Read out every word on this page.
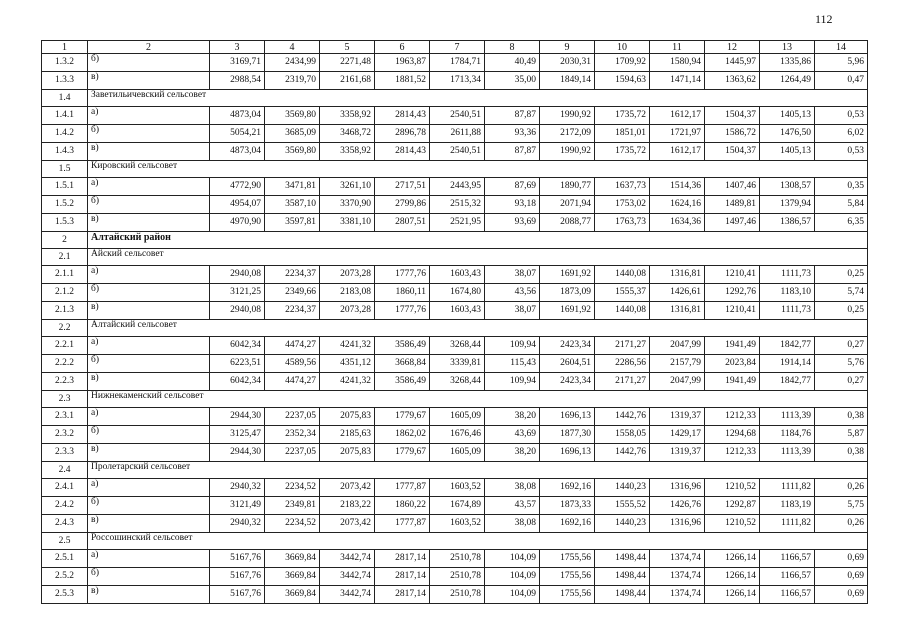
112
1	2	3	4	5	6	7	8	9	10	11	12	13	14
1.3.2	б)	3169,71	2434,99	2271,48	1963,87	1784,71	40,49	2030,31	1709,92	1580,94	1445,97	1335,86	5,96
1.3.3	в)	2988,54	2319,70	2161,68	1881,52	1713,34	35,00	1849,14	1594,63	1471,14	1363,62	1264,49	0,47
1.4	Заветильичевский сельсовет												
1.4.1	а)	4873,04	3569,80	3358,92	2814,43	2540,51	87,87	1990,92	1735,72	1612,17	1504,37	1405,13	0,53
1.4.2	б)	5054,21	3685,09	3468,72	2896,78	2611,88	93,36	2172,09	1851,01	1721,97	1586,72	1476,50	6,02
1.4.3	в)	4873,04	3569,80	3358,92	2814,43	2540,51	87,87	1990,92	1735,72	1612,17	1504,37	1405,13	0,53
1.5	Кировский сельсовет												
1.5.1	а)	4772,90	3471,81	3261,10	2717,51	2443,95	87,69	1890,77	1637,73	1514,36	1407,46	1308,57	0,35
1.5.2	б)	4954,07	3587,10	3370,90	2799,86	2515,32	93,18	2071,94	1753,02	1624,16	1489,81	1379,94	5,84
1.5.3	в)	4970,90	3597,81	3381,10	2807,51	2521,95	93,69	2088,77	1763,73	1634,36	1497,46	1386,57	6,35
2	Алтайский район												
2.1	Айский сельсовет												
2.1.1	а)	2940,08	2234,37	2073,28	1777,76	1603,43	38,07	1691,92	1440,08	1316,81	1210,41	1111,73	0,25
2.1.2	б)	3121,25	2349,66	2183,08	1860,11	1674,80	43,56	1873,09	1555,37	1426,61	1292,76	1183,10	5,74
2.1.3	в)	2940,08	2234,37	2073,28	1777,76	1603,43	38,07	1691,92	1440,08	1316,81	1210,41	1111,73	0,25
2.2	Алтайский сельсовет												
2.2.1	а)	6042,34	4474,27	4241,32	3586,49	3268,44	109,94	2423,34	2171,27	2047,99	1941,49	1842,77	0,27
2.2.2	б)	6223,51	4589,56	4351,12	3668,84	3339,81	115,43	2604,51	2286,56	2157,79	2023,84	1914,14	5,76
2.2.3	в)	6042,34	4474,27	4241,32	3586,49	3268,44	109,94	2423,34	2171,27	2047,99	1941,49	1842,77	0,27
2.3	Нижнекаменский сельсовет												
2.3.1	а)	2944,30	2237,05	2075,83	1779,67	1605,09	38,20	1696,13	1442,76	1319,37	1212,33	1113,39	0,38
2.3.2	б)	3125,47	2352,34	2185,63	1862,02	1676,46	43,69	1877,30	1558,05	1429,17	1294,68	1184,76	5,87
2.3.3	в)	2944,30	2237,05	2075,83	1779,67	1605,09	38,20	1696,13	1442,76	1319,37	1212,33	1113,39	0,38
2.4	Пролетарский сельсовет												
2.4.1	а)	2940,32	2234,52	2073,42	1777,87	1603,52	38,08	1692,16	1440,23	1316,96	1210,52	1111,82	0,26
2.4.2	б)	3121,49	2349,81	2183,22	1860,22	1674,89	43,57	1873,33	1555,52	1426,76	1292,87	1183,19	5,75
2.4.3	в)	2940,32	2234,52	2073,42	1777,87	1603,52	38,08	1692,16	1440,23	1316,96	1210,52	1111,82	0,26
2.5	Россошинский сельсовет												
2.5.1	а)	5167,76	3669,84	3442,74	2817,14	2510,78	104,09	1755,56	1498,44	1374,74	1266,14	1166,57	0,69
2.5.2	б)	5167,76	3669,84	3442,74	2817,14	2510,78	104,09	1755,56	1498,44	1374,74	1266,14	1166,57	0,69
2.5.3	в)	5167,76	3669,84	3442,74	2817,14	2510,78	104,09	1755,56	1498,44	1374,74	1266,14	1166,57	0,69
